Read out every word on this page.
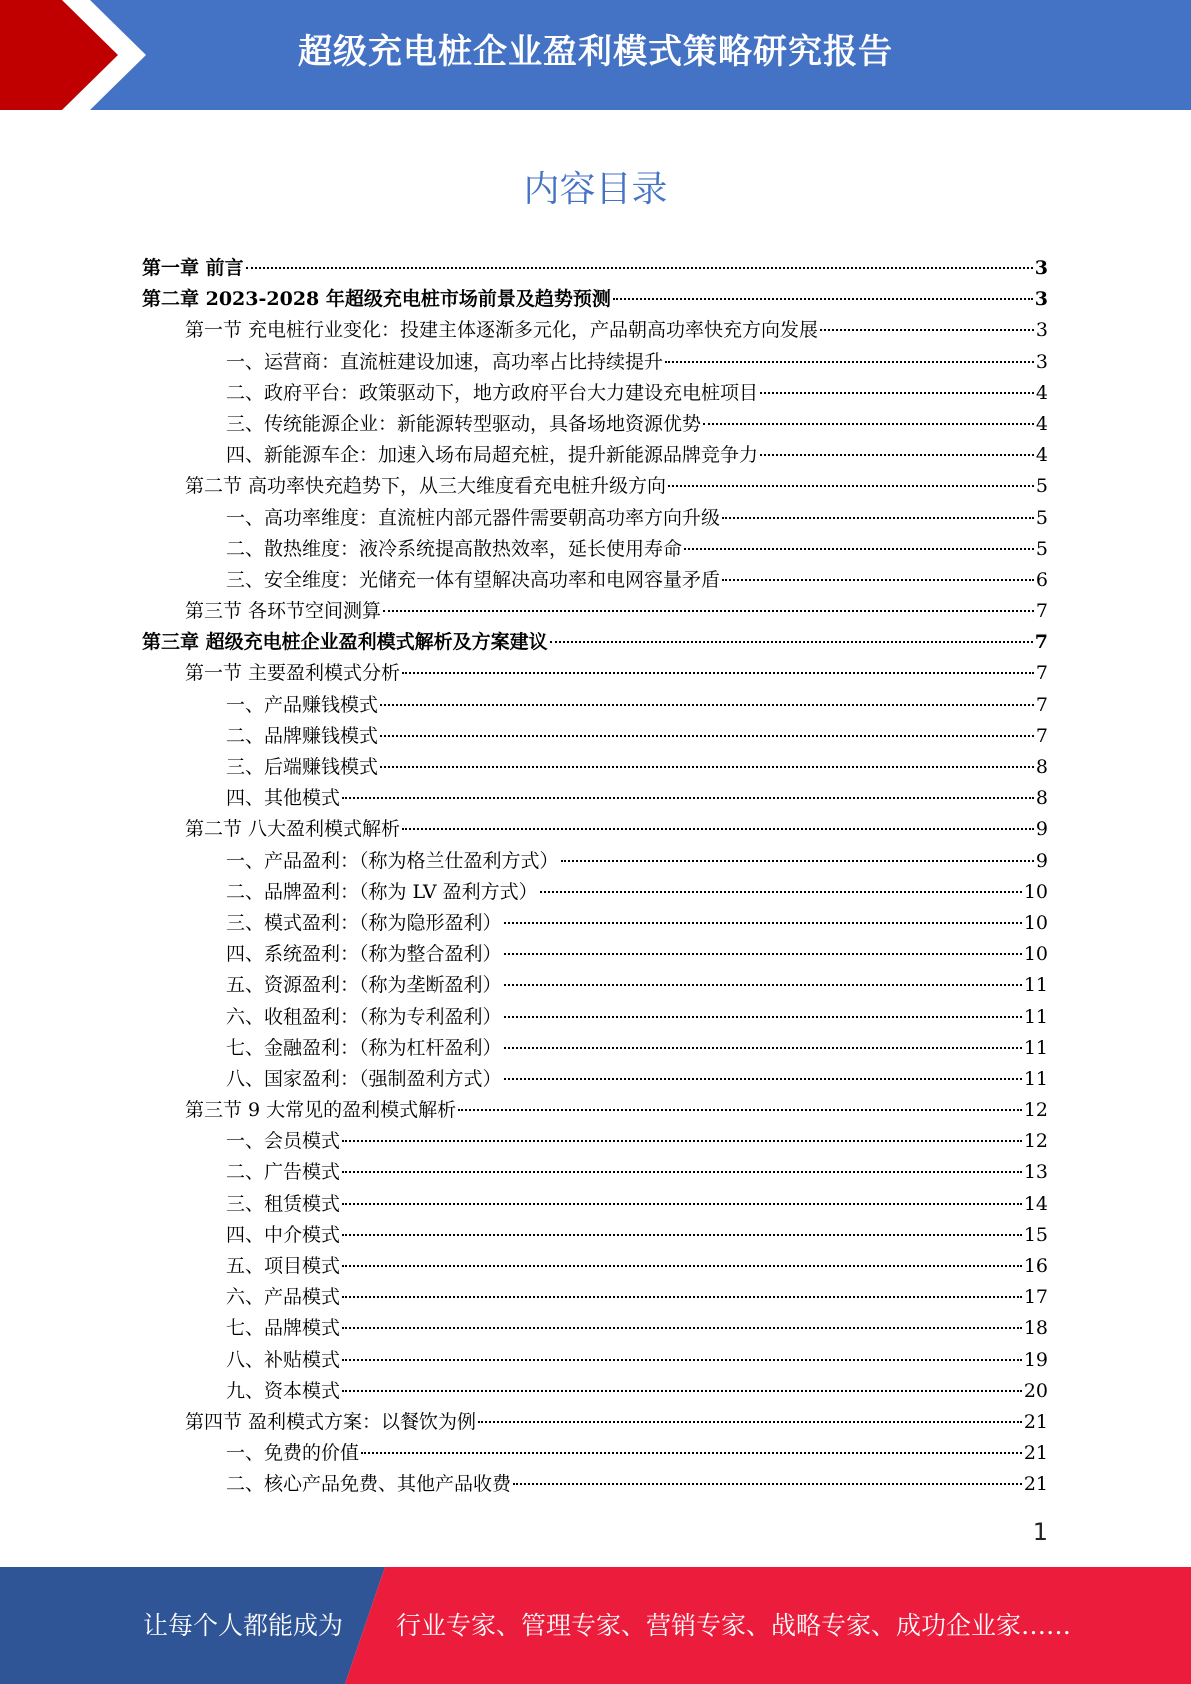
超级充电桩企业盈利模式策略研究报告
内容目录
第一章 前言	3
第二章 2023-2028 年超级充电桩市场前景及趋势预测	3
第一节 充电桩行业变化：投建主体逐渐多元化，产品朝高功率快充方向发展	3
一、运营商：直流桩建设加速，高功率占比持续提升	3
二、政府平台：政策驱动下，地方政府平台大力建设充电桩项目	4
三、传统能源企业：新能源转型驱动，具备场地资源优势	4
四、新能源车企：加速入场布局超充桩，提升新能源品牌竞争力	4
第二节 高功率快充趋势下，从三大维度看充电桩升级方向	5
一、高功率维度：直流桩内部元器件需要朝高功率方向升级	5
二、散热维度：液冷系统提高散热效率，延长使用寿命	5
三、安全维度：光储充一体有望解决高功率和电网容量矛盾	6
第三节 各环节空间测算	7
第三章 超级充电桩企业盈利模式解析及方案建议	7
第一节 主要盈利模式分析	7
一、产品赚钱模式	7
二、品牌赚钱模式	7
三、后端赚钱模式	8
四、其他模式	8
第二节 八大盈利模式解析	9
一、产品盈利：（称为格兰仕盈利方式）	9
二、品牌盈利：（称为 LV 盈利方式）	10
三、模式盈利：（称为隐形盈利）	10
四、系统盈利：（称为整合盈利）	10
五、资源盈利：（称为垄断盈利）	11
六、收租盈利：（称为专利盈利）	11
七、金融盈利：（称为杠杆盈利）	11
八、国家盈利：（强制盈利方式）	11
第三节 9 大常见的盈利模式解析	12
一、会员模式	12
二、广告模式	13
三、租赁模式	14
四、中介模式	15
五、项目模式	16
六、产品模式	17
七、品牌模式	18
八、补贴模式	19
九、资本模式	20
第四节 盈利模式方案：以餐饮为例	21
一、免费的价值	21
二、核心产品免费、其他产品收费	21
1
让每个人都能成为 行业专家、管理专家、营销专家、战略专家、成功企业家……
